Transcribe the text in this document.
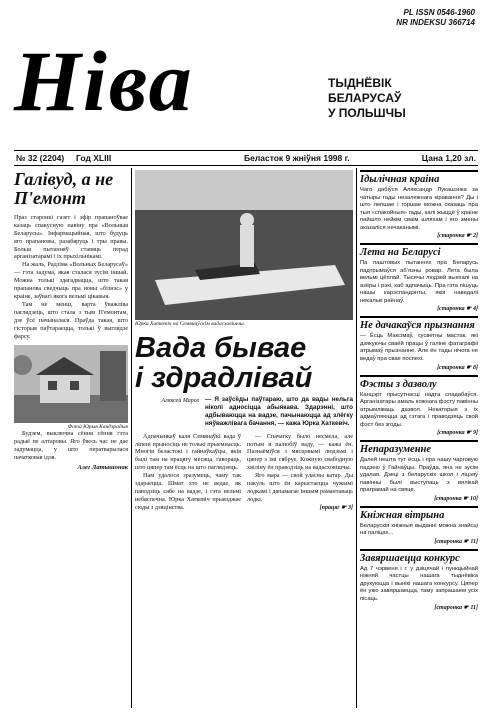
PL ISSN 0546-1960
NR INDEKSU 366714
Ніва	ТЫДНЁВІК
БЕЛАРУСАЎ
У ПОЛЬШЧЫ
№ 32 (2204) Год XLIII	Беласток 9 жніўня 1998 г.	Цана 1,20 зл.
Галівуд, а не П'емонт

Праз старонкі газет і эфір прапаноўвае казаць спакусную навіну пра «Вольныя Беларусы». Інфармацыйная, што будуць яго прапановы, разабяруць і тры правы. Больш пытанняў ставяць перад арганізатарамі і іх прыхільнікамі.

На жаль, Радзіма «Вольных Беларусаў» — гэта задума, якая сталася зусім іншай. Можна толькі здагадвацца, што такая прапанова сведчыць пра новы «бізнэс» у краіне, заўвагі якога вельмі цікавыя.

Там не менш, варта ўважліва паглядзець, што стала з тым П'емонтам, дзе ўсё пачыналася. Праўда такая, што гісторыя паўтараецца, толькі ў выглядзе фарсу.

Фота Юрыя Кандэрадыя

Будзем, выключна сёння сёння гэта радыё пе алтаровы. Яго ўвесь час не дае задумацца, у што ператварылася пачатковая ідэя.

Алег Латышонак
Юрка Хаткевіч на Семянаўскім вадасховішчы.
Вада бывае
і здрадлівай
Аляксей Мароз — Я заўсёды паўтараю, што да вады нельга ніколі адносіцца абыякава. Здарэнні, што адбываюцца на вадзе, пачынаюцца ад злёгку няўважлівага бачання, — кажа Юрка Хаткевіч.

Адпачынкаў каля Семянаўкі вада ў ліпені прыносіць не толькі прыемнасць. Многія беластокі і гайнаўкаўцы, якія былі там на працягу месяца, гавораць, што цяпер там ёсць на што паглядзець.

Нам удалося зразумець, чаму так здараецца. Шмат хто не ведае, як паводзіць сябе на вадзе, і гэта вельмі небяспечна. Юрка Хаткевіч прыязджае сюды з дзяцінства.

— Спачатку было несмела, але потым я палюбіў ваду, — кажа ён. Пазнаёміўся з мясцовымі людзьмі і цяпер з імі сябруе. Кожную свабодную хвіліну ён праводзіць на вадасховішчы.

Яго мара — свой уласны катар. Ды пакуль што ён карыстаецца чужымі лодкамі і дапамагае іншым рамантаваць лодкі.

[працяг ☛ 3]
Ідылічная краіна

Чаго дабіўся Аляксандр Лукашэнка за чатыры гады незалежнага кіравання? Ды і што лепшае і горшае можна сказаць пра тыя «спакойныя» гады, калі жыццё ў краіне пайшло нейкім сваім шляхам і яго змены аказаліся нечаканымі.

[старонка ☛ 2]
Лета на Беларусі

Па паштовых пытаннях пра Беларусь падтрымаўся аб’язны ровар. Лета была вельмі цёплай. Тысячы людзей выехалі на азёры і рэкі, каб адпачыць. Пра гэта пішуць нашы карэспандэнты, якія наведалі некалькі раёнаў.

[старонка ☛ 4]
Не дачакаўся прызнання

— Ёсць Максімаў, сусветны мастак, які дзякуючы сваёй працы ў галіне фатаграфіі атрымаў прызнанне. Але ён тады нічога не ведаў пра свае поспехі.

[старонка ☛ 8]
Фэсты з дазволу

Канцэрт прысутнасці надта спадабаўся. Арганізатары амаль кожнага фэсту павінны атрымліваць дазвол. Некаторыя з іх адмаўляюцца ад гэтага і праводзяць свой фэст без згоды.

[старонка ☛ 9]
Непаразуменне

Далей нешта тут ёсць і пра нашу чарговую падзею ў Гайнаўцы. Праўда, яна не зусім удалая. Дзеці з беларускіх школ і ліцэяў павінны былі выступаць з вялікай праграмай на свяце.

[старонка ☛ 10]
Кніжная вітрына

Беларускія кніжныя выданні можна знайсці на паліцах...

[старонка ☛ 11]
Завяршаецца конкурс

Ад 7 чэрвеня і г. у дзіцячай і пункцыйнай ніжняй частцы нашага тыднёвіка друкуюцца і вынікі нашага конкурсу. Цяпер ён ужо завяршаецца, таму запрашаем усіх пісаць.

[старонка ☛ 11]
